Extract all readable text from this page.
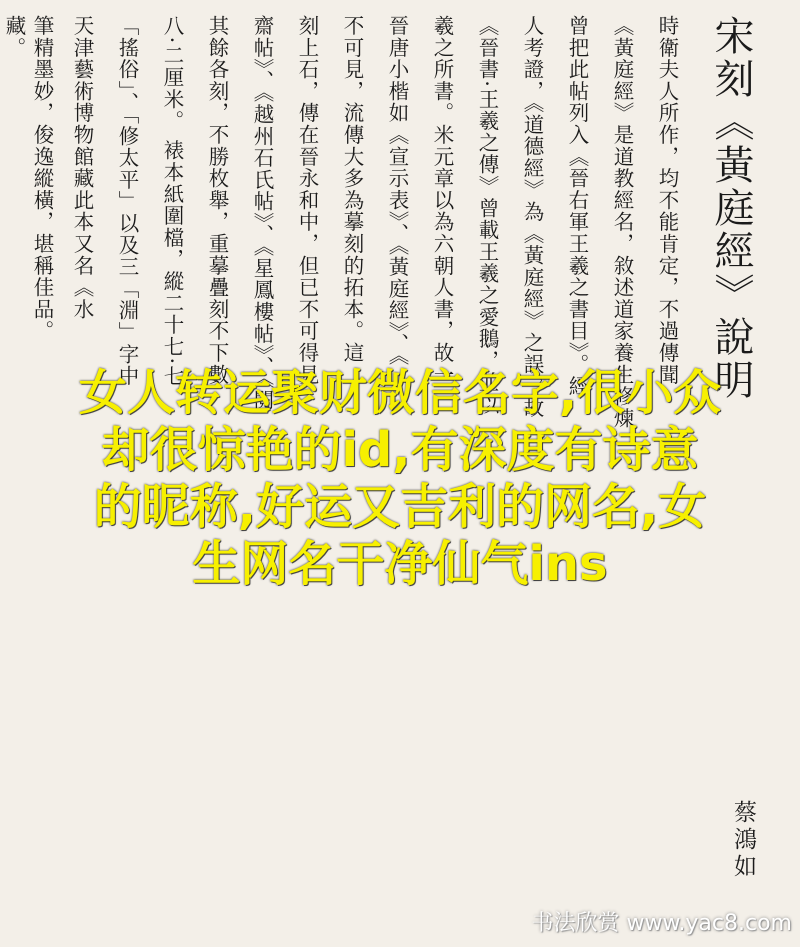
宋刻《黃庭經》說明
蔡鴻如
時衛夫人所作，均不能肯定，不過傳聞
《黃庭經》是道教經名，敘述道家養生修煉
曾把此帖列入《晉右軍王羲之書目》。經
人考證，《道德經》為《黃庭經》之誤，故
《晉書·王羲之傳》曾載王羲之愛鵝，並以
羲之所書。米元章以為六朝人書，故一
晉唐小楷如《宣示表》、《黃庭經》、《
不可見，流傳大多為摹刻的拓本。這
刻上石，傳在晉永和中，但已不可得見
齋帖》、《越州石氏帖》、《星鳳樓帖》、《閱
其餘各刻，不勝枚舉，重摹疊刻不下數
八·二厘米。 裱本紙圍檔，縱二十七·七
「搖俗」、「修太平」以及三「淵」字中
天津藝術博物館藏此本又名《水
筆精墨妙，俊逸縱橫，堪稱佳品。
藏。
女人转运聚财微信名字,很小众
却很惊艳的id,有深度有诗意
的昵称,好运又吉利的网名,女
生网名干净仙气ins
书法欣赏 www.yac8.com
